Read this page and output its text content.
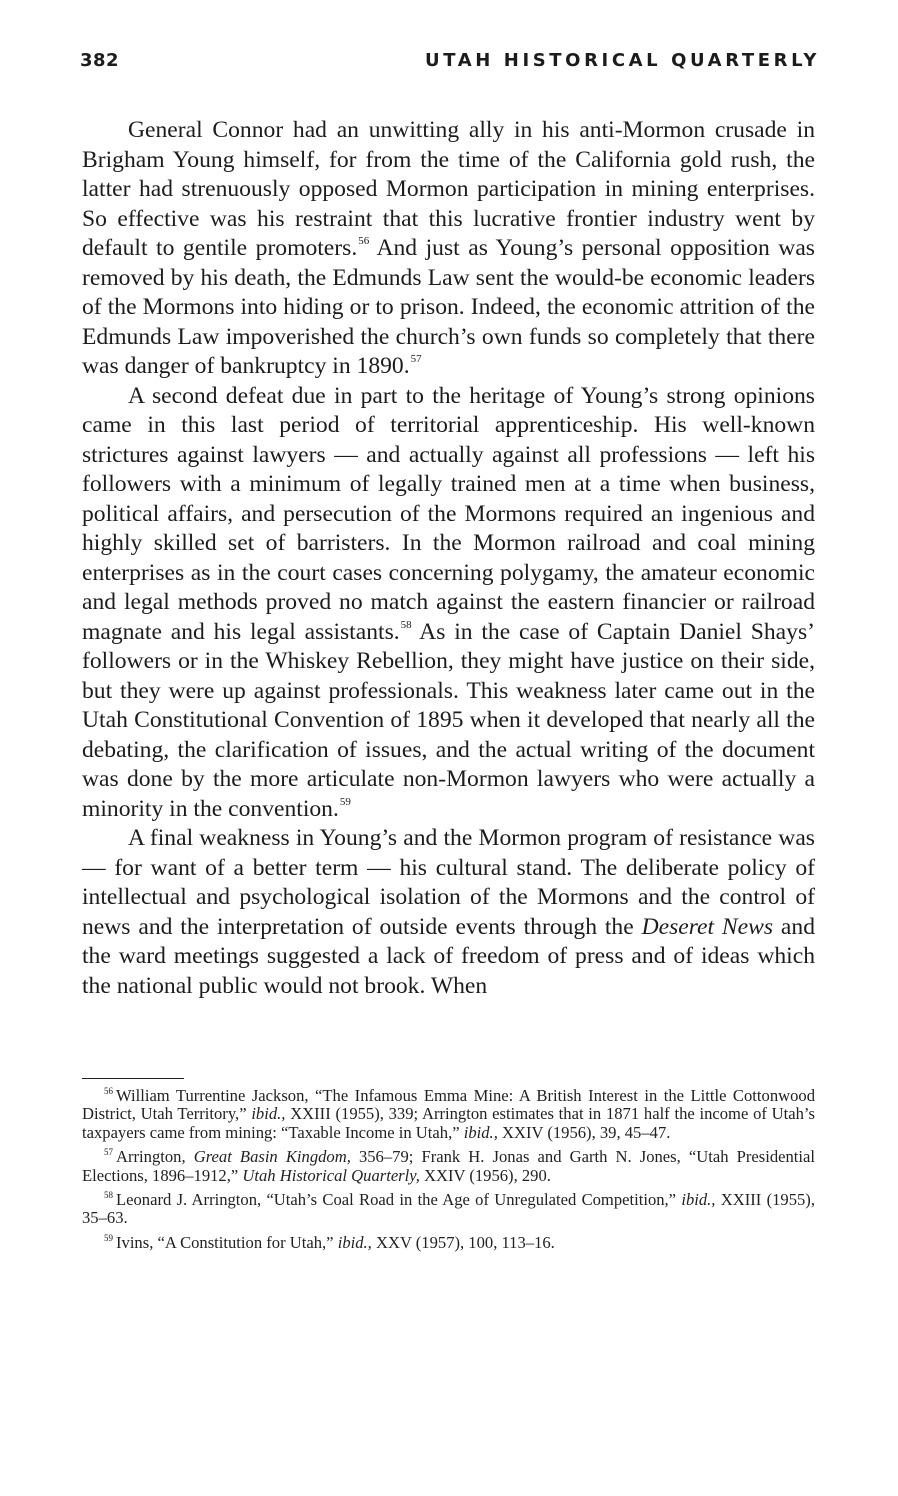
382	UTAH HISTORICAL QUARTERLY

General Connor had an unwitting ally in his anti-Mormon crusade in Brigham Young himself, for from the time of the California gold rush, the latter had strenuously opposed Mormon participation in mining enterprises. So effective was his restraint that this lucrative frontier industry went by default to gentile promoters.$^{56}$ And just as Young’s personal opposition was removed by his death, the Edmunds Law sent the would-be economic leaders of the Mormons into hiding or to prison. Indeed, the economic attrition of the Edmunds Law impoverished the church’s own funds so completely that there was danger of bankruptcy in 1890.57

A second defeat due in part to the heritage of Young’s strong opinions came in this last period of territorial apprenticeship. His well-known strictures against lawyers — and actually against all professions — left his followers with a minimum of legally trained men at a time when business, political affairs, and persecution of the Mormons required an ingenious and highly skilled set of barristers. In the Mormon railroad and coal mining enterprises as in the court cases concerning polygamy, the amateur economic and legal methods proved no match against the eastern financier or railroad magnate and his legal assistants.$^{58}$ As in the case of Captain Daniel Shays’ followers or in the Whiskey Rebellion, they might have justice on their side, but they were up against professionals. This weakness later came out in the Utah Constitutional Convention of 1895 when it developed that nearly all the debating, the clarification of issues, and the actual writing of the document was done by the more articulate non-Mormon lawyers who were actually a minority in the convention.$^{59}$

A final weakness in Young’s and the Mormon program of resistance was — for want of a better term — his cultural stand. The deliberate policy of intellectual and psychological isolation of the Mormons and the control of news and the interpretation of outside events through the Deseret News and the ward meetings suggested a lack of freedom of press and of ideas which the national public would not brook. When

$^{56}$ William Turrentine Jackson, “The Infamous Emma Mine: A British Interest in the Little Cottonwood District, Utah Territory,” ibid., XXIII (1955), 339; Arrington estimates that in 1871 half the income of Utah’s taxpayers came from mining: “Taxable Income in Utah,” ibid., XXIV (1956), 39, 45–47.

$^{57}$ Arrington, Great Basin Kingdom, 356–79; Frank H. Jonas and Garth N. Jones, “Utah Presidential Elections, 1896–1912,” Utah Historical Quarterly, XXIV (1956), 290.

$^{58}$ Leonard J. Arrington, “Utah’s Coal Road in the Age of Unregulated Competition,” ibid., XXIII (1955), 35–63.

$^{59}$ Ivins, “A Constitution for Utah,” ibid., XXV (1957), 100, 113–16.
